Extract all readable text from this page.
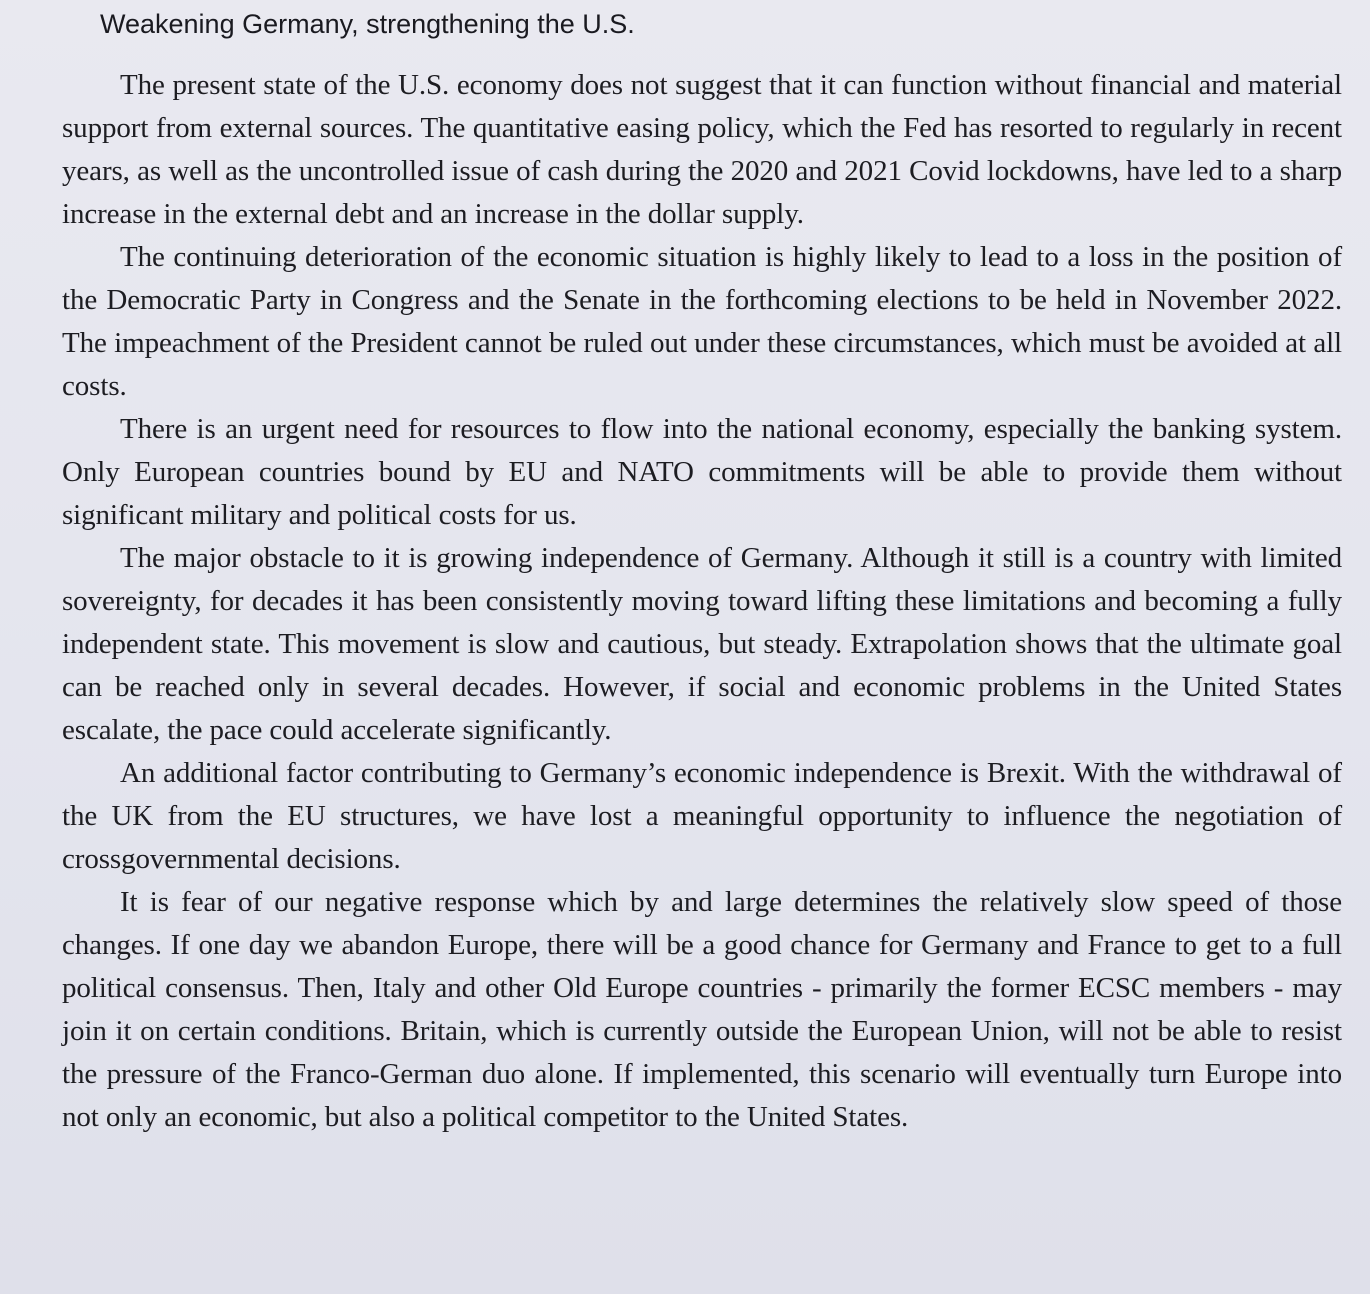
Weakening Germany, strengthening the U.S.

The present state of the U.S. economy does not suggest that it can function without financial and material support from external sources. The quantitative easing policy, which the Fed has resorted to regularly in recent years, as well as the uncontrolled issue of cash during the 2020 and 2021 Covid lockdowns, have led to a sharp increase in the external debt and an increase in the dollar supply.

The continuing deterioration of the economic situation is highly likely to lead to a loss in the position of the Democratic Party in Congress and the Senate in the forthcoming elections to be held in November 2022. The impeachment of the President cannot be ruled out under these circumstances, which must be avoided at all costs.

There is an urgent need for resources to flow into the national economy, especially the banking system. Only European countries bound by EU and NATO commitments will be able to provide them without significant military and political costs for us.

The major obstacle to it is growing independence of Germany. Although it still is a country with limited sovereignty, for decades it has been consistently moving toward lifting these limitations and becoming a fully independent state. This movement is slow and cautious, but steady. Extrapolation shows that the ultimate goal can be reached only in several decades. However, if social and economic problems in the United States escalate, the pace could accelerate significantly.

An additional factor contributing to Germany’s economic independence is Brexit. With the withdrawal of the UK from the EU structures, we have lost a meaningful opportunity to influence the negotiation of crossgovernmental decisions.

It is fear of our negative response which by and large determines the relatively slow speed of those changes. If one day we abandon Europe, there will be a good chance for Germany and France to get to a full political consensus. Then, Italy and other Old Europe countries - primarily the former ECSC members - may join it on certain conditions. Britain, which is currently outside the European Union, will not be able to resist the pressure of the Franco-German duo alone. If implemented, this scenario will eventually turn Europe into not only an economic, but also a political competitor to the United States.
